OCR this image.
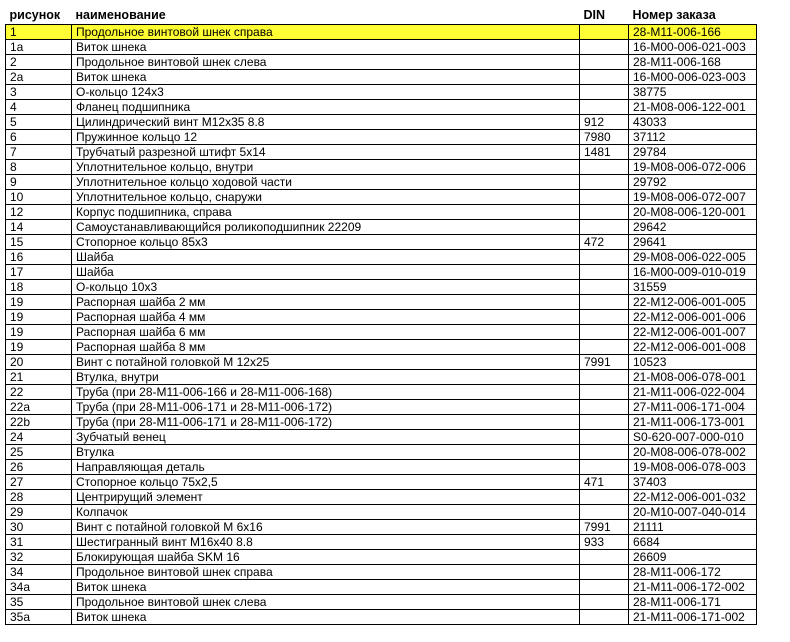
рисунок	наименование	DIN	Номер заказа
1	Продольное винтовой шнек справа		28-M11-006-166
1a	Виток шнека		16-M00-006-021-003
2	Продольное винтовой шнек слева		28-M11-006-168
2a	Виток шнека		16-M00-006-023-003
3	О-кольцо 124x3		38775
4	Фланец подшипника		21-M08-006-122-001
5	Цилиндрический винт M12x35 8.8	912	43033
6	Пружинное кольцо 12	7980	37112
7	Трубчатый разрезной штифт 5x14	1481	29784
8	Уплотнительное кольцо, внутри		19-M08-006-072-006
9	Уплотнительное кольцо ходовой части		29792
10	Уплотнительное кольцо, снаружи		19-M08-006-072-007
12	Корпус подшипника, справа		20-M08-006-120-001
14	Самоустанавливающийся роликоподшипник 22209		29642
15	Стопорное кольцо 85x3	472	29641
16	Шайба		29-M08-006-022-005
17	Шайба		16-M00-009-010-019
18	О-кольцо 10x3		31559
19	Распорная шайба 2 мм		22-M12-006-001-005
19	Распорная шайба 4 мм		22-M12-006-001-006
19	Распорная шайба 6 мм		22-M12-006-001-007
19	Распорная шайба 8 мм		22-M12-006-001-008
20	Винт с потайной головкой M 12x25	7991	10523
21	Втулка, внутри		21-M08-006-078-001
22	Труба (при 28-M11-006-166 и 28-M11-006-168)		21-M11-006-022-004
22a	Труба (при 28-M11-006-171 и 28-M11-006-172)		27-M11-006-171-004
22b	Труба (при 28-M11-006-171 и 28-M11-006-172)		21-M11-006-173-001
24	Зубчатый венец		S0-620-007-000-010
25	Втулка		20-M08-006-078-002
26	Направляющая деталь		19-M08-006-078-003
27	Стопорное кольцо 75x2,5	471	37403
28	Центрирущий элемент		22-M12-006-001-032
29	Колпачок		20-M10-007-040-014
30	Винт с потайной головкой M 6x16	7991	21111
31	Шестигранный винт M16x40 8.8	933	6684
32	Блокирующая шайба SKM 16		26609
34	Продольное винтовой шнек справа		28-M11-006-172
34a	Виток шнека		21-M11-006-172-002
35	Продольное винтовой шнек слева		28-M11-006-171
35a	Виток шнека		21-M11-006-171-002
